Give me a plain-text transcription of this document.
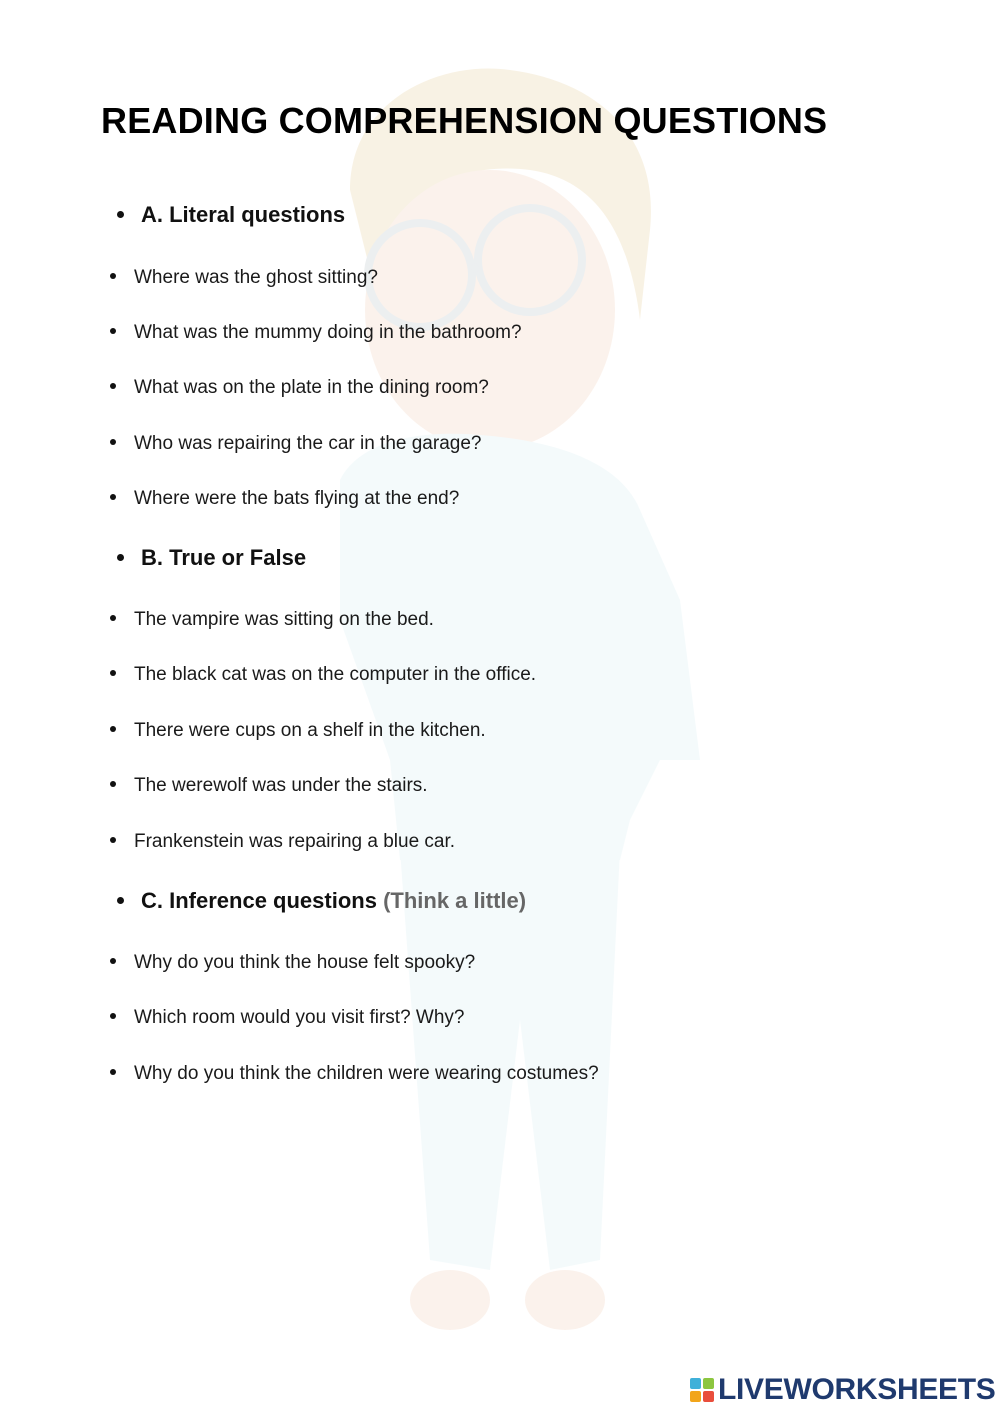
READING COMPREHENSION QUESTIONS
A. Literal questions

Where was the ghost sitting?

What was the mummy doing in the bathroom?

What was on the plate in the dining room?

Who was repairing the car in the garage?

Where were the bats flying at the end?

B. True or False

The vampire was sitting on the bed.

The black cat was on the computer in the office.

There were cups on a shelf in the kitchen.

The werewolf was under the stairs.

Frankenstein was repairing a blue car.

C. Inference questions (Think a little)

Why do you think the house felt spooky?

Which room would you visit first? Why?

Why do you think the children were wearing costumes?

LIVEWORKSHEETS
